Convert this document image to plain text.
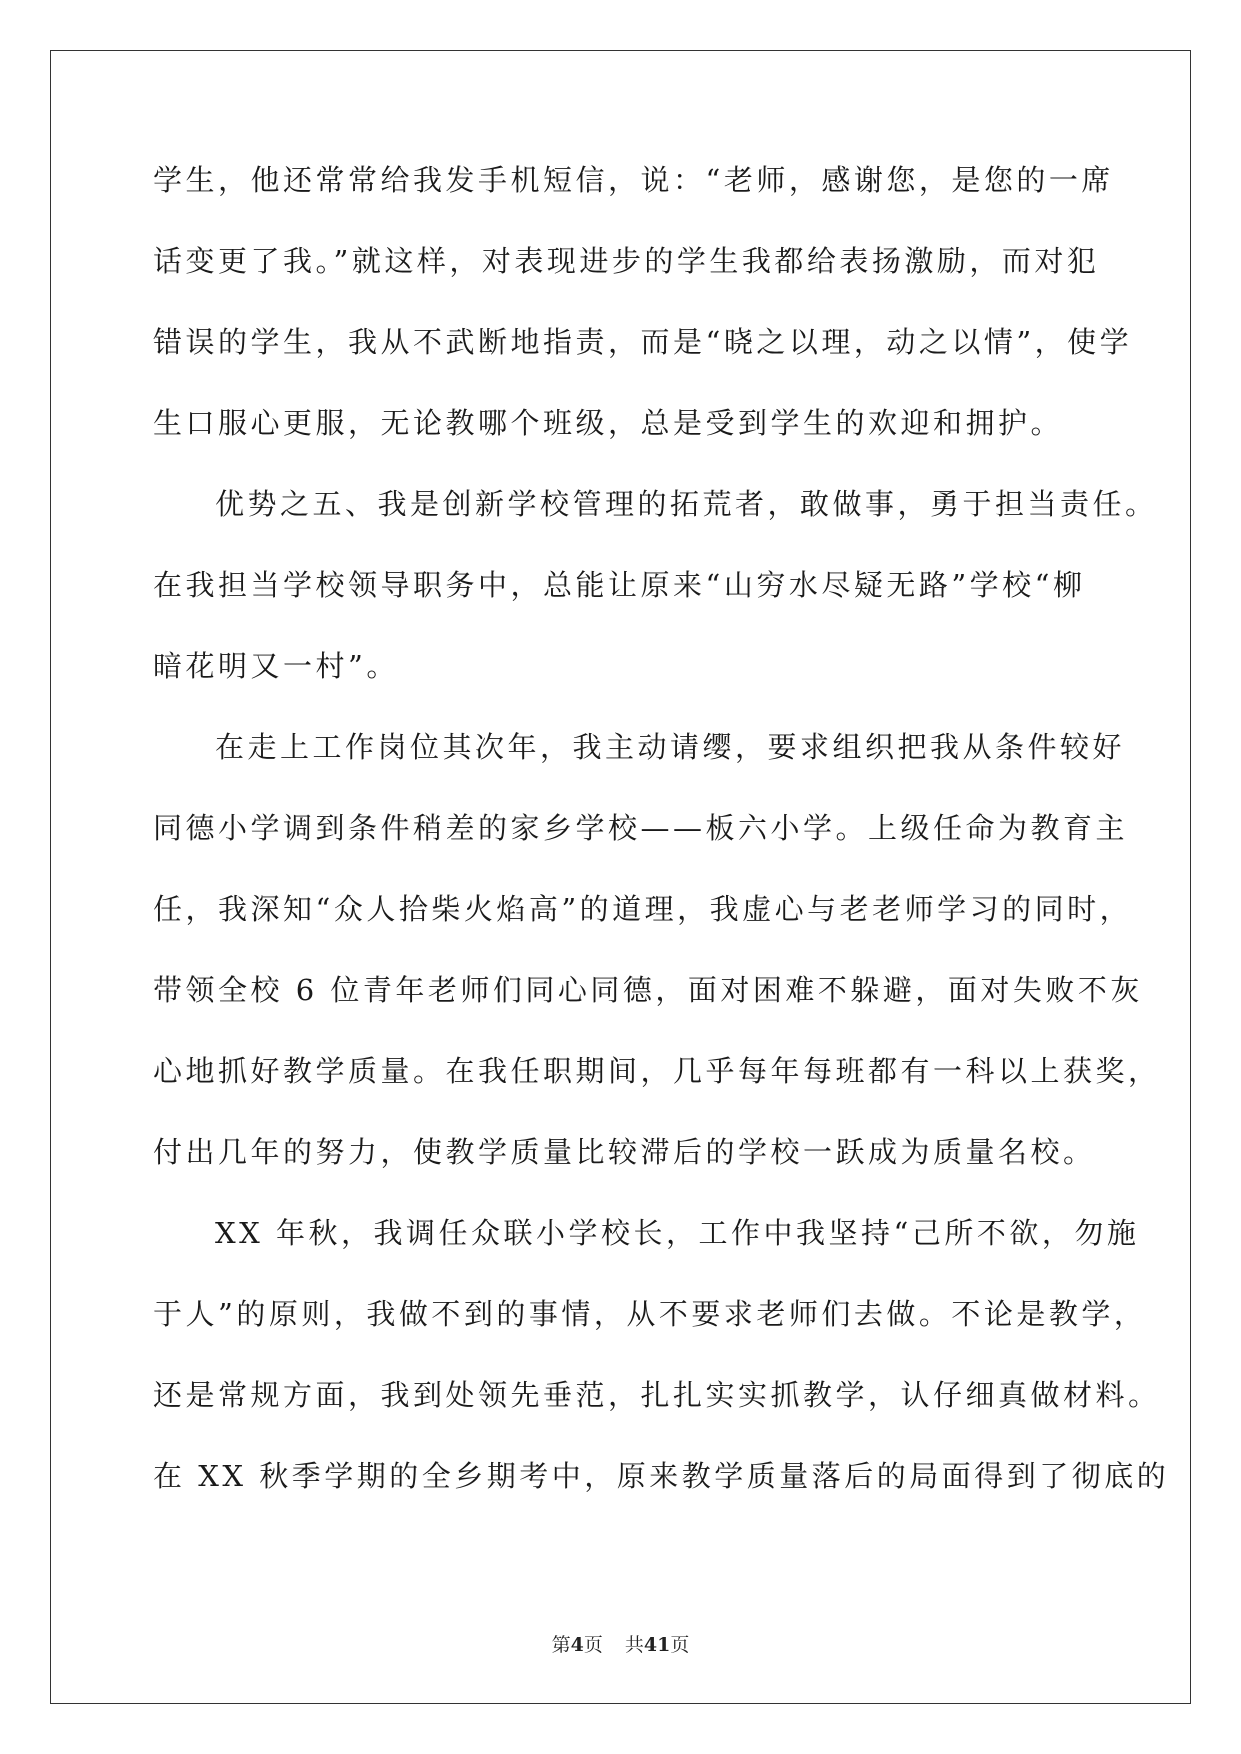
学生，他还常常给我发手机短信，说：“老师，感谢您，是您的一席
话变更了我。”就这样，对表现进步的学生我都给表扬激励，而对犯
错误的学生，我从不武断地指责，而是“晓之以理，动之以情”，使学
生口服心更服，无论教哪个班级，总是受到学生的欢迎和拥护。
优势之五、我是创新学校管理的拓荒者，敢做事，勇于担当责任。
在我担当学校领导职务中，总能让原来“山穷水尽疑无路”学校“柳
暗花明又一村”。
在走上工作岗位其次年，我主动请缨，要求组织把我从条件较好
同德小学调到条件稍差的家乡学校——板六小学。上级任命为教育主
任，我深知“众人拾柴火焰高”的道理，我虚心与老老师学习的同时，
带领全校 6 位青年老师们同心同德，面对困难不躲避，面对失败不灰
心地抓好教学质量。在我任职期间，几乎每年每班都有一科以上获奖，
付出几年的努力，使教学质量比较滞后的学校一跃成为质量名校。
XX 年秋，我调任众联小学校长，工作中我坚持“己所不欲，勿施
于人”的原则，我做不到的事情，从不要求老师们去做。不论是教学，
还是常规方面，我到处领先垂范，扎扎实实抓教学，认仔细真做材料。
在 XX 秋季学期的全乡期考中，原来教学质量落后的局面得到了彻底的
第4页 共41页
